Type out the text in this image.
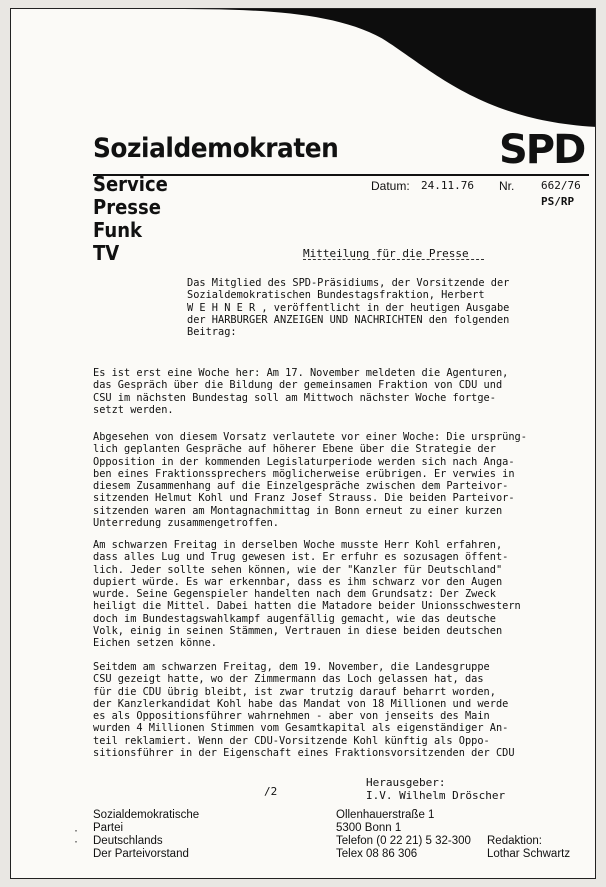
Sozialdemokraten	SPD
Service
Presse
Funk
TV
Datum: 24.11.76 Nr. 662/76
PS/RP
Mitteilung für die Presse
Das Mitglied des SPD-Präsidiums, der Vorsitzende der
Sozialdemokratischen Bundestagsfraktion, Herbert
W E H N E R , veröffentlicht in der heutigen Ausgabe
der HARBURGER ANZEIGEN UND NACHRICHTEN den folgenden
Beitrag:
Es ist erst eine Woche her: Am 17. November meldeten die Agenturen,
das Gespräch über die Bildung der gemeinsamen Fraktion von CDU und
CSU im nächsten Bundestag soll am Mittwoch nächster Woche fortge-
setzt werden.
Abgesehen von diesem Vorsatz verlautete vor einer Woche: Die ursprüng-
lich geplanten Gespräche auf höherer Ebene über die Strategie der
Opposition in der kommenden Legislaturperiode werden sich nach Anga-
ben eines Fraktionssprechers möglicherweise erübrigen. Er verwies in
diesem Zusammenhang auf die Einzelgespräche zwischen dem Parteivor-
sitzenden Helmut Kohl und Franz Josef Strauss. Die beiden Parteivor-
sitzenden waren am Montagnachmittag in Bonn erneut zu einer kurzen
Unterredung zusammengetroffen.
Am schwarzen Freitag in derselben Woche musste Herr Kohl erfahren,
dass alles Lug und Trug gewesen ist. Er erfuhr es sozusagen öffent-
lich. Jeder sollte sehen können, wie der "Kanzler für Deutschland"
dupiert würde. Es war erkennbar, dass es ihm schwarz vor den Augen
wurde. Seine Gegenspieler handelten nach dem Grundsatz: Der Zweck
heiligt die Mittel. Dabei hatten die Matadore beider Unionsschwestern
doch im Bundestagswahlkampf augenfällig gemacht, wie das deutsche
Volk, einig in seinen Stämmen, Vertrauen in diese beiden deutschen
Eichen setzen könne.
Seitdem am schwarzen Freitag, dem 19. November, die Landesgruppe
CSU gezeigt hatte, wo der Zimmermann das Loch gelassen hat, das
für die CDU übrig bleibt, ist zwar trutzig darauf beharrt worden,
der Kanzlerkandidat Kohl habe das Mandat von 18 Millionen und werde
es als Oppositionsführer wahrnehmen - aber von jenseits des Main
wurden 4 Millionen Stimmen vom Gesamtkapital als eigenständiger An-
teil reklamiert. Wenn der CDU-Vorsitzende Kohl künftig als Oppo-
sitionsführer in der Eigenschaft eines Fraktionsvorsitzenden der CDU
/2
Herausgeber:
I.V. Wilhelm Dröscher
·
·
Sozialdemokratische
Partei
Deutschlands
Der Parteivorstand
Ollenhauerstraße 1
5300 Bonn 1
Telefon (0 22 21) 5 32-300
Telex 08 86 306
Redaktion:
Lothar Schwartz
